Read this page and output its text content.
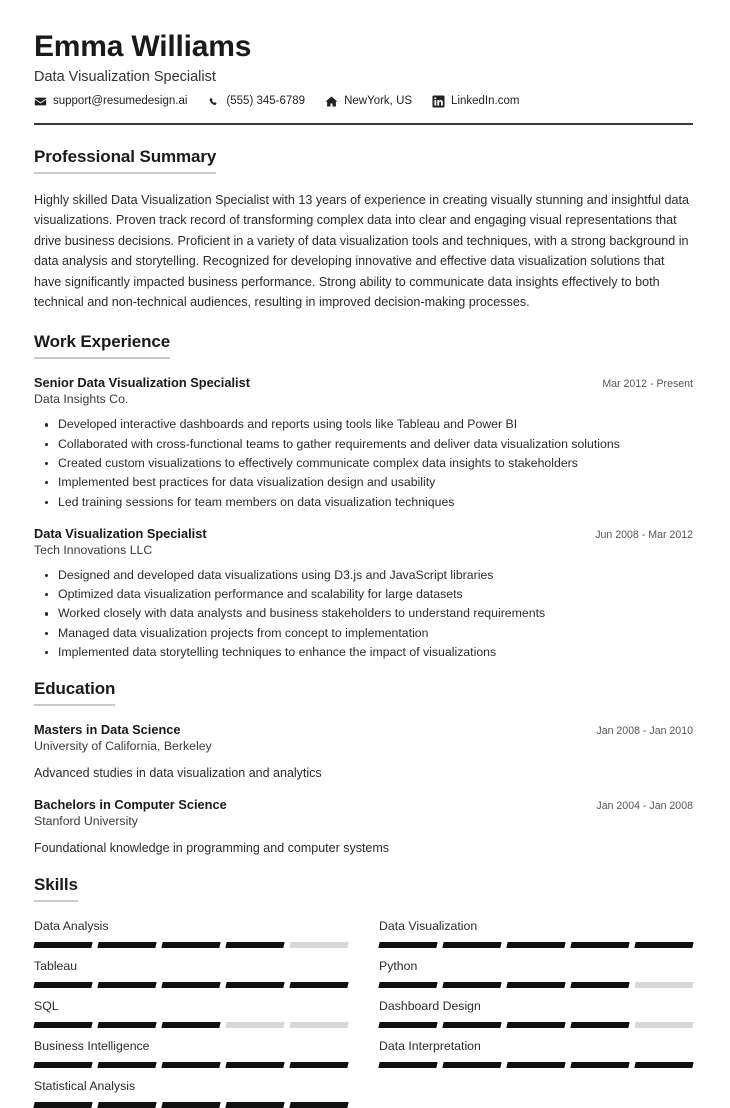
Emma Williams
Data Visualization Specialist
support@resumedesign.ai	(555) 345-6789	NewYork, US	LinkedIn.com
Professional Summary

Highly skilled Data Visualization Specialist with 13 years of experience in creating visually stunning and insightful data visualizations. Proven track record of transforming complex data into clear and engaging visual representations that drive business decisions. Proficient in a variety of data visualization tools and techniques, with a strong background in data analysis and storytelling. Recognized for developing innovative and effective data visualization solutions that have significantly impacted business performance. Strong ability to communicate data insights effectively to both technical and non-technical audiences, resulting in improved decision-making processes.

Work Experience
Senior Data Visualization Specialist	Mar 2012 - Present
Data Insights Co.
Developed interactive dashboards and reports using tools like Tableau and Power BI
Collaborated with cross-functional teams to gather requirements and deliver data visualization solutions
Created custom visualizations to effectively communicate complex data insights to stakeholders
Implemented best practices for data visualization design and usability
Led training sessions for team members on data visualization techniques
Data Visualization Specialist	Jun 2008 - Mar 2012
Tech Innovations LLC
Designed and developed data visualizations using D3.js and JavaScript libraries
Optimized data visualization performance and scalability for large datasets
Worked closely with data analysts and business stakeholders to understand requirements
Managed data visualization projects from concept to implementation
Implemented data storytelling techniques to enhance the impact of visualizations
Education
Masters in Data Science	Jan 2008 - Jan 2010
University of California, Berkeley
Advanced studies in data visualization and analytics
Bachelors in Computer Science	Jan 2004 - Jan 2008
Stanford University
Foundational knowledge in programming and computer systems
Skills
Data Analysis	Data Visualization
Tableau	Python
SQL	Dashboard Design
Business Intelligence	Data Interpretation
Statistical Analysis
